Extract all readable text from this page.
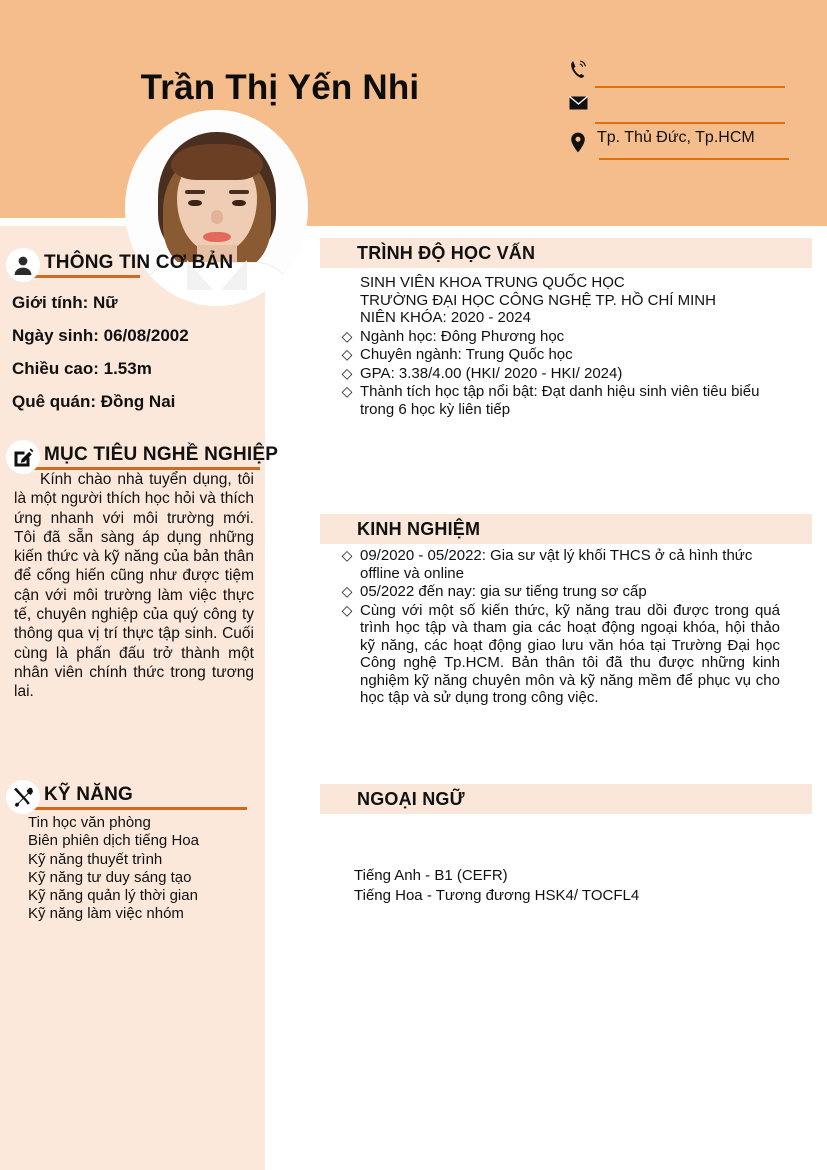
Trần Thị Yến Nhi
Tp. Thủ Đức, Tp.HCM
THÔNG TIN CƠ BẢN
Giới tính: Nữ
Ngày sinh: 06/08/2002
Chiều cao: 1.53m
Quê quán: Đồng Nai
MỤC TIÊU NGHỀ NGHIỆP
Kính chào nhà tuyển dụng, tôi là một người thích học hỏi và thích ứng nhanh với môi trường mới. Tôi đã sẵn sàng áp dụng những kiến thức và kỹ năng của bản thân để cống hiến cũng như được tiệm cận với môi trường làm việc thực tế, chuyên nghiệp của quý công ty thông qua vị trí thực tập sinh. Cuối cùng là phấn đấu trở thành một nhân viên chính thức trong tương lai.
KỸ NĂNG
Tin học văn phòng
Biên phiên dịch tiếng Hoa
Kỹ năng thuyết trình
Kỹ năng tư duy sáng tạo
Kỹ năng quản lý thời gian
Kỹ năng làm việc nhóm
TRÌNH ĐỘ HỌC VẤN
SINH VIÊN KHOA TRUNG QUỐC HỌC
TRƯỜNG ĐẠI HỌC CÔNG NGHỆ TP. HỒ CHÍ MINH
NIÊN KHÓA: 2020 - 2024
◇ Ngành học: Đông Phương học
◇ Chuyên ngành: Trung Quốc học
◇ GPA: 3.38/4.00 (HKI/ 2020 - HKI/ 2024)
◇ Thành tích học tập nổi bật: Đạt danh hiệu sinh viên tiêu biểu trong 6 học kỳ liên tiếp
KINH NGHIỆM
◇ 09/2020 - 05/2022: Gia sư vật lý khối THCS ở cả hình thức offline và online
◇ 05/2022 đến nay: gia sư tiếng trung sơ cấp
◇ Cùng với một số kiến thức, kỹ năng trau dồi được trong quá trình học tập và tham gia các hoạt động ngoại khóa, hội thảo kỹ năng, các hoạt động giao lưu văn hóa tại Trường Đại học Công nghệ Tp.HCM. Bản thân tôi đã thu được những kinh nghiệm kỹ năng chuyên môn và kỹ năng mềm để phục vụ cho học tập và sử dụng trong công việc.
NGOẠI NGỮ
Tiếng Anh - B1 (CEFR)
Tiếng Hoa - Tương đương HSK4/ TOCFL4
